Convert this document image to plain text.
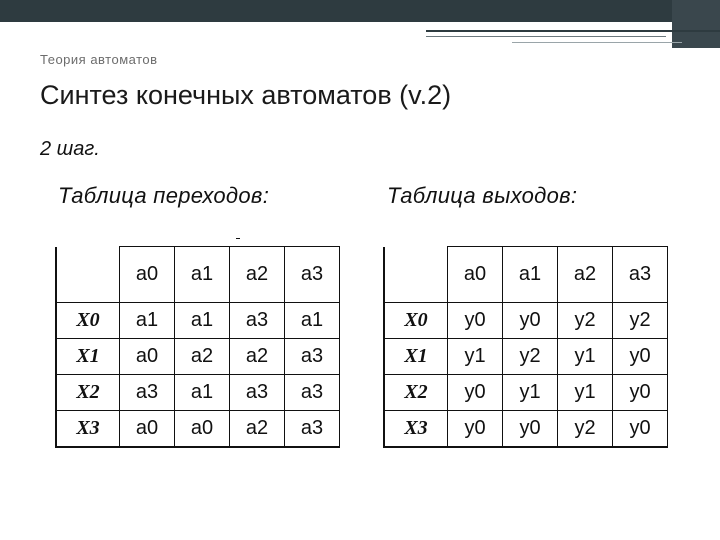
Теория автоматов
Синтез конечных автоматов (v.2)
2 шаг.
Таблица переходов:	Таблица выходов:
	a0	a1	a2	a3
X0	a1	a1	a3	a1
X1	a0	a2	a2	a3
X2	a3	a1	a3	a3
X3	a0	a0	a2	a3
	a0	a1	a2	a3
X0	y0	y0	y2	y2
X1	y1	y2	y1	y0
X2	y0	y1	y1	y0
X3	y0	y0	y2	y0
